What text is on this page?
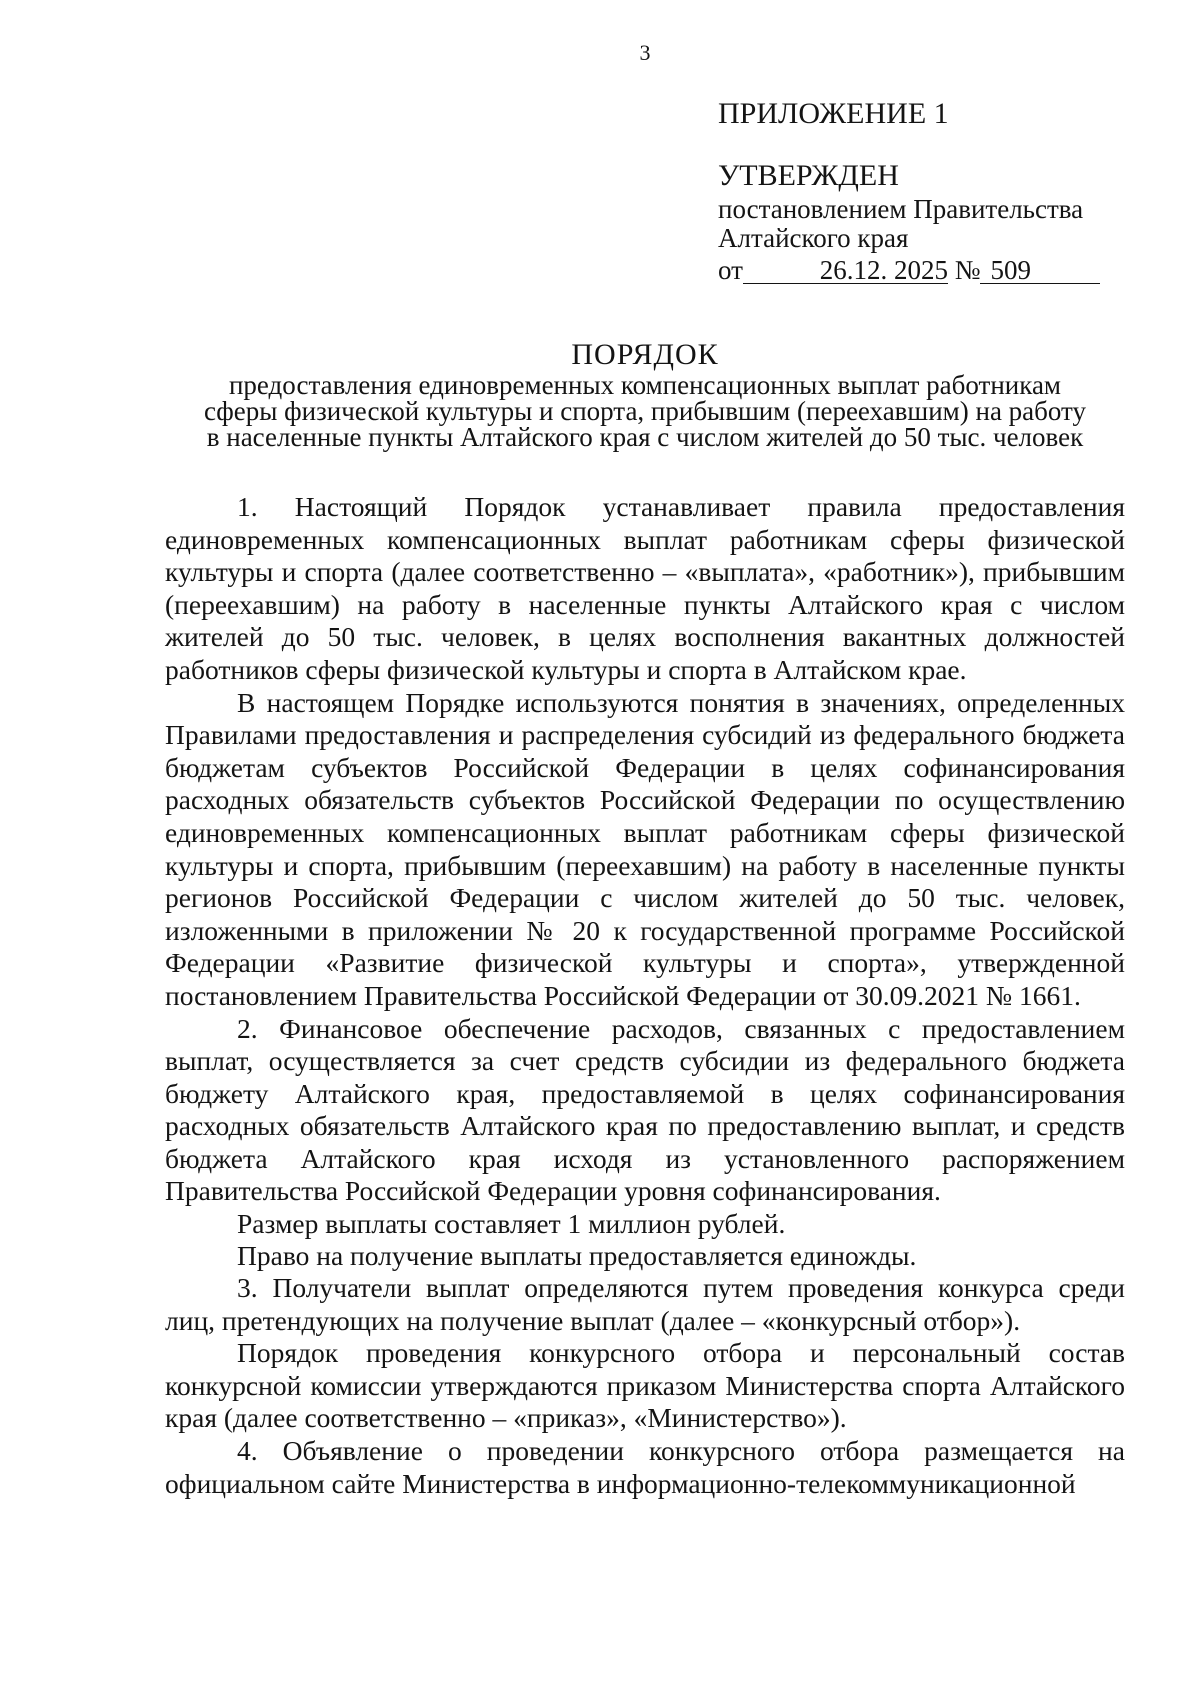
3
ПРИЛОЖЕНИЕ 1
УТВЕРЖДЕН
постановлением Правительства
Алтайского края
от	26.12. 2025 № 509
ПОРЯДОК
предоставления единовременных компенсационных выплат работникам
сферы физической культуры и спорта, прибывшим (переехавшим) на работу
в населенные пункты Алтайского края с числом жителей до 50 тыс. человек

1. Настоящий Порядок устанавливает правила предоставления единовременных компенсационных выплат работникам сферы физической культуры и спорта (далее соответственно – «выплата», «работник»), прибывшим (переехавшим) на работу в населенные пункты Алтайского края с числом жителей до 50 тыс. человек, в целях восполнения вакантных должностей работников сферы физической культуры и спорта в Алтайском крае.

В настоящем Порядке используются понятия в значениях, определенных Правилами предоставления и распределения субсидий из федерального бюджета бюджетам субъектов Российской Федерации в целях софинансирования расходных обязательств субъектов Российской Федерации по осуществлению единовременных компенсационных выплат работникам сферы физической культуры и спорта, прибывшим (переехавшим) на работу в населенные пункты регионов Российской Федерации с числом жителей до 50 тыс. человек, изложенными в приложении № 20 к государственной программе Российской Федерации «Развитие физической культуры и спорта», утвержденной постановлением Правительства Российской Федерации от 30.09.2021 № 1661.

2. Финансовое обеспечение расходов, связанных с предоставлением выплат, осуществляется за счет средств субсидии из федерального бюджета бюджету Алтайского края, предоставляемой в целях софинансирования расходных обязательств Алтайского края по предоставлению выплат, и средств бюджета Алтайского края исходя из установленного распоряжением Правительства Российской Федерации уровня софинансирования.

Размер выплаты составляет 1 миллион рублей.

Право на получение выплаты предоставляется единожды.

3. Получатели выплат определяются путем проведения конкурса среди лиц, претендующих на получение выплат (далее – «конкурсный отбор»).

Порядок проведения конкурсного отбора и персональный состав конкурсной комиссии утверждаются приказом Министерства спорта Алтайского края (далее соответственно – «приказ», «Министерство»).

4. Объявление о проведении конкурсного отбора размещается на официальном сайте Министерства в информационно-телекоммуникационной
